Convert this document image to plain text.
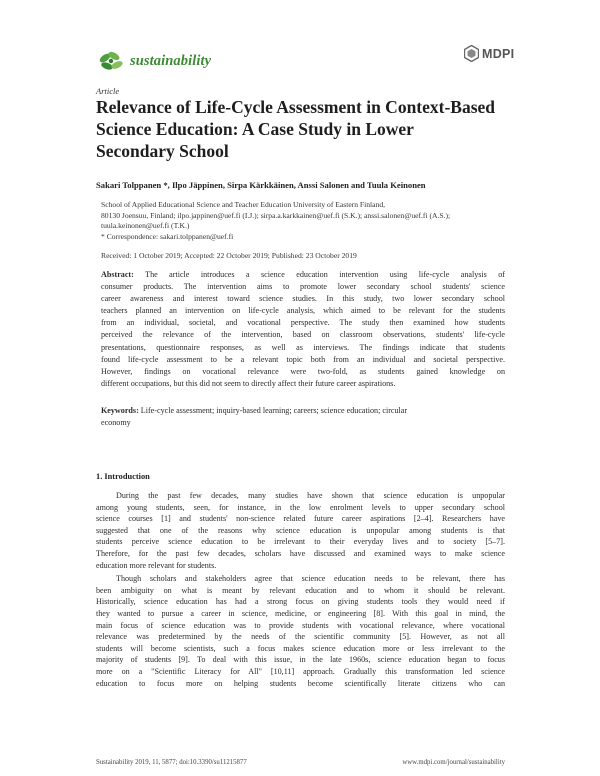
sustainability	MDPI
Article
Relevance of Life-Cycle Assessment in Context-Based
Science Education: A Case Study in Lower
Secondary School
Sakari Tolppanen *, Ilpo Jäppinen, Sirpa Kärkkäinen, Anssi Salonen and Tuula Keinonen
School of Applied Educational Science and Teacher Education University of Eastern Finland,
80130 Joensuu, Finland; ilpo.jappinen@uef.fi (I.J.); sirpa.a.karkkainen@uef.fi (S.K.); anssi.salonen@uef.fi (A.S.);
tuula.keinonen@uef.fi (T.K.)
* Correspondence: sakari.tolppanen@uef.fi
Received: 1 October 2019; Accepted: 22 October 2019; Published: 23 October 2019
Abstract: The article introduces a science education intervention using life-cycle analysis of
consumer products. The intervention aims to promote lower secondary school students' science
career awareness and interest toward science studies. In this study, two lower secondary school
teachers planned an intervention on life-cycle analysis, which aimed to be relevant for the students
from an individual, societal, and vocational perspective. The study then examined how students
perceived the relevance of the intervention, based on classroom observations, students' life-cycle
presentations, questionnaire responses, as well as interviews. The findings indicate that students
found life-cycle assessment to be a relevant topic both from an individual and societal perspective.
However, findings on vocational relevance were two-fold, as students gained knowledge on
different occupations, but this did not seem to directly affect their future career aspirations.
Keywords: Life-cycle assessment; inquiry-based learning; careers; science education; circular
economy
1. Introduction
During the past few decades, many studies have shown that science education is unpopular
among young students, seen, for instance, in the low enrolment levels to upper secondary school
science courses [1] and students' non-science related future career aspirations [2–4]. Researchers have
suggested that one of the reasons why science education is unpopular among students is that
students perceive science education to be irrelevant to their everyday lives and to society [5–7].
Therefore, for the past few decades, scholars have discussed and examined ways to make science
education more relevant for students.
Though scholars and stakeholders agree that science education needs to be relevant, there has
been ambiguity on what is meant by relevant education and to whom it should be relevant.
Historically, science education has had a strong focus on giving students tools they would need if
they wanted to pursue a career in science, medicine, or engineering [8]. With this goal in mind, the
main focus of science education was to provide students with vocational relevance, where vocational
relevance was predetermined by the needs of the scientific community [5]. However, as not all
students will become scientists, such a focus makes science education more or less irrelevant to the
majority of students [9]. To deal with this issue, in the late 1960s, science education began to focus
more on a "Scientific Literacy for All" [10,11] approach. Gradually this transformation led science
education to focus more on helping students become scientifically literate citizens who can
Sustainability 2019, 11, 5877; doi:10.3390/su11215877	www.mdpi.com/journal/sustainability
